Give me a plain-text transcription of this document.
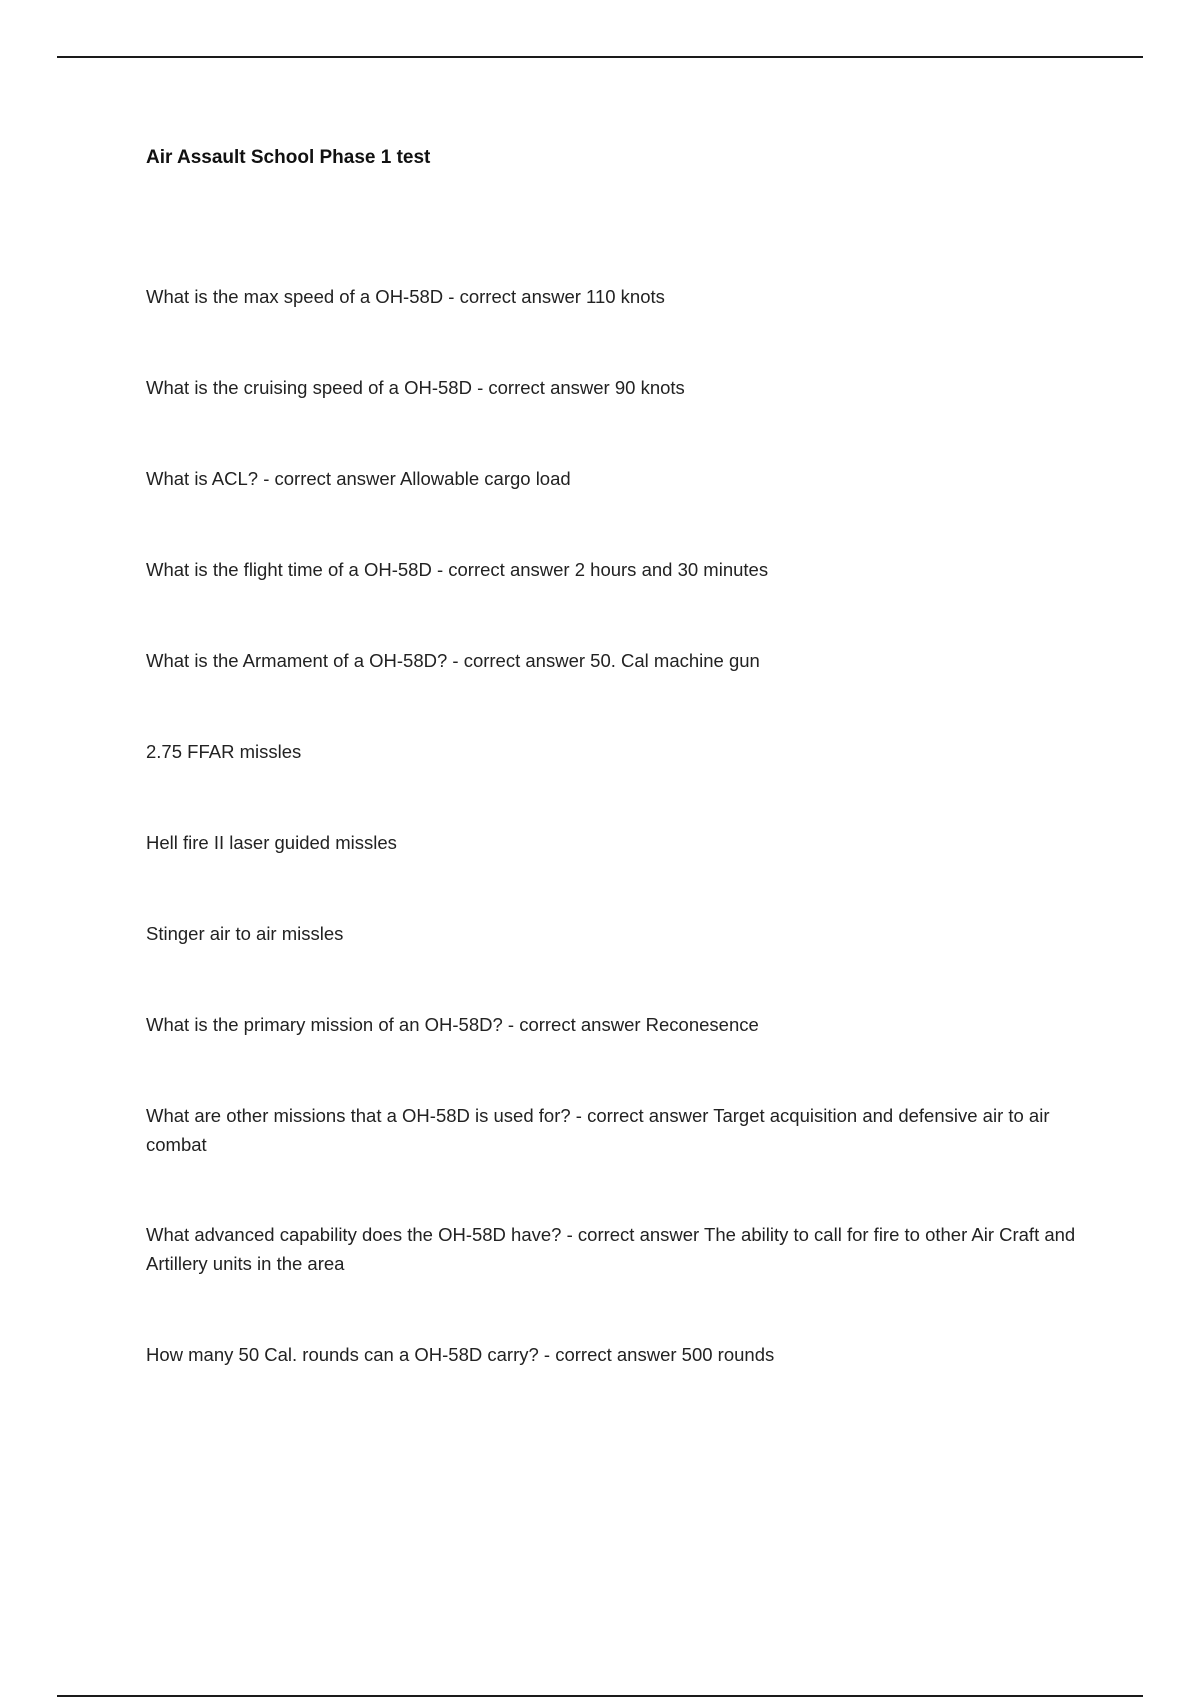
Air Assault School Phase 1 test

What is the max speed of a OH-58D - correct answer 110 knots

What is the cruising speed of a OH-58D - correct answer 90 knots

What is ACL? - correct answer Allowable cargo load

What is the flight time of a OH-58D - correct answer 2 hours and 30 minutes

What is the Armament of a OH-58D? - correct answer 50. Cal machine gun

2.75 FFAR missles

Hell fire II laser guided missles

Stinger air to air missles

What is the primary mission of an OH-58D? - correct answer Reconesence

What are other missions that a OH-58D is used for? - correct answer Target acquisition and defensive air to air combat

What advanced capability does the OH-58D have? - correct answer The ability to call for fire to other Air Craft and Artillery units in the area

How many 50 Cal. rounds can a OH-58D carry? - correct answer 500 rounds
